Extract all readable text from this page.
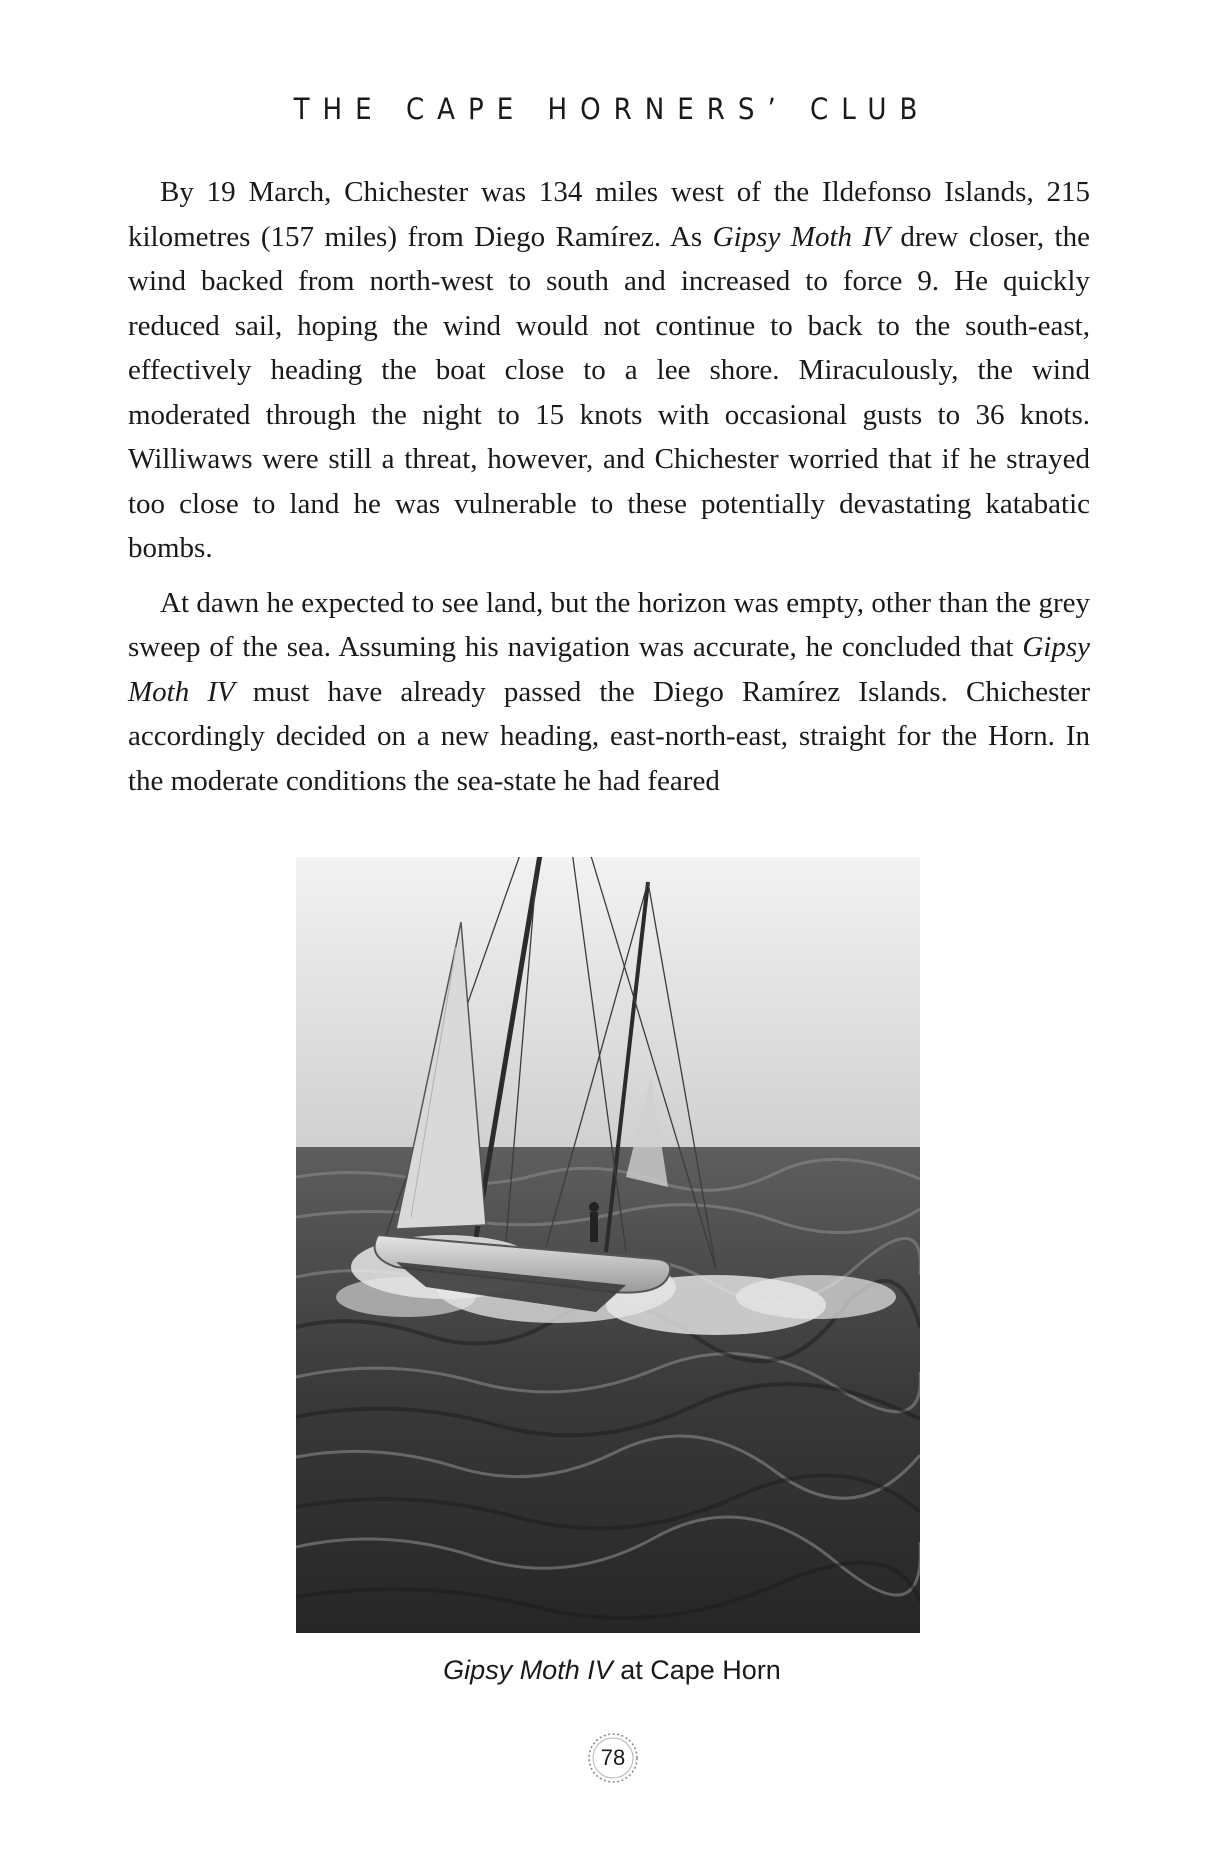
THE CAPE HORNERS’ CLUB

By 19 March, Chichester was 134 miles west of the Ildefonso Islands, 215 kilometres (157 miles) from Diego Ramírez. As Gipsy Moth IV drew closer, the wind backed from north-west to south and increased to force 9. He quickly reduced sail, hoping the wind would not continue to back to the south-east, effectively heading the boat close to a lee shore. Miraculously, the wind moderated through the night to 15 knots with occasional gusts to 36 knots. Williwaws were still a threat, however, and Chichester worried that if he strayed too close to land he was vulnerable to these potentially devastating katabatic bombs.

At dawn he expected to see land, but the horizon was empty, other than the grey sweep of the sea. Assuming his navigation was accurate, he concluded that Gipsy Moth IV must have already passed the Diego Ramírez Islands. Chichester accordingly decided on a new heading, east-north-east, straight for the Horn. In the moderate conditions the sea-state he had feared

Gipsy Moth IV at Cape Horn
78
